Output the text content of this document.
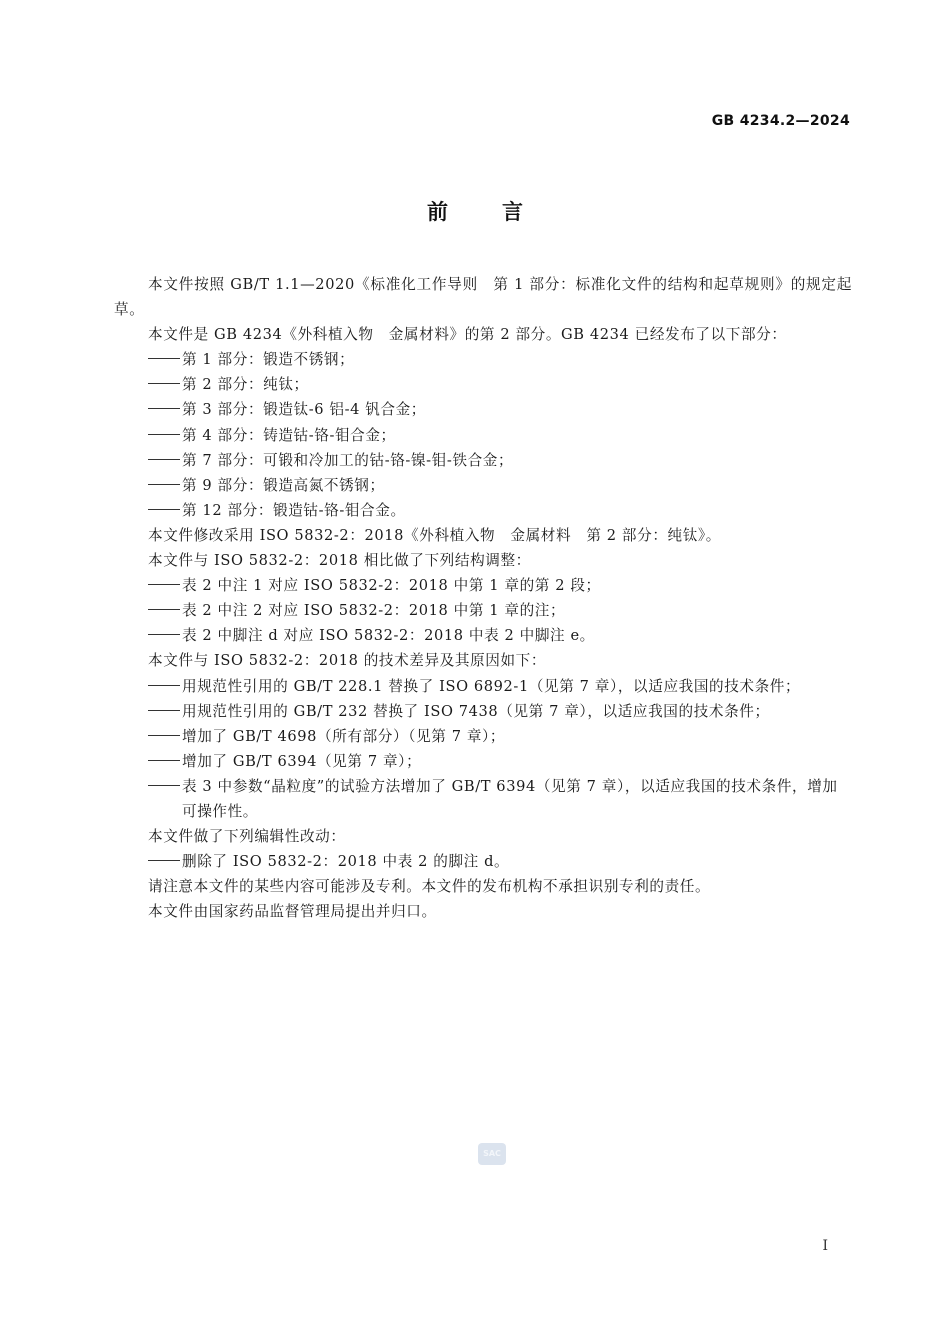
GB 4234.2—2024
前言

本文件按照 GB/T 1.1—2020《标准化工作导则　第 1 部分：标准化文件的结构和起草规则》的规定起草。

本文件是 GB 4234《外科植入物　金属材料》的第 2 部分。GB 4234 已经发布了以下部分：

第 1 部分：锻造不锈钢；

第 2 部分：纯钛；

第 3 部分：锻造钛-6 铝-4 钒合金；

第 4 部分：铸造钴-铬-钼合金；

第 7 部分：可锻和冷加工的钴-铬-镍-钼-铁合金；

第 9 部分：锻造高氮不锈钢；

第 12 部分：锻造钴-铬-钼合金。

本文件修改采用 ISO 5832-2：2018《外科植入物　金属材料　第 2 部分：纯钛》。

本文件与 ISO 5832-2：2018 相比做了下列结构调整：

表 2 中注 1 对应 ISO 5832-2：2018 中第 1 章的第 2 段；

表 2 中注 2 对应 ISO 5832-2：2018 中第 1 章的注；

表 2 中脚注 d 对应 ISO 5832-2：2018 中表 2 中脚注 e。

本文件与 ISO 5832-2：2018 的技术差异及其原因如下：

用规范性引用的 GB/T 228.1 替换了 ISO 6892-1（见第 7 章），以适应我国的技术条件；

用规范性引用的 GB/T 232 替换了 ISO 7438（见第 7 章），以适应我国的技术条件；

增加了 GB/T 4698（所有部分）（见第 7 章）；

增加了 GB/T 6394（见第 7 章）；

表 3 中参数“晶粒度”的试验方法增加了 GB/T 6394（见第 7 章），以适应我国的技术条件，增加可操作性。

本文件做了下列编辑性改动：

删除了 ISO 5832-2：2018 中表 2 的脚注 d。

请注意本文件的某些内容可能涉及专利。本文件的发布机构不承担识别专利的责任。

本文件由国家药品监督管理局提出并归口。

SAC
Ⅰ
